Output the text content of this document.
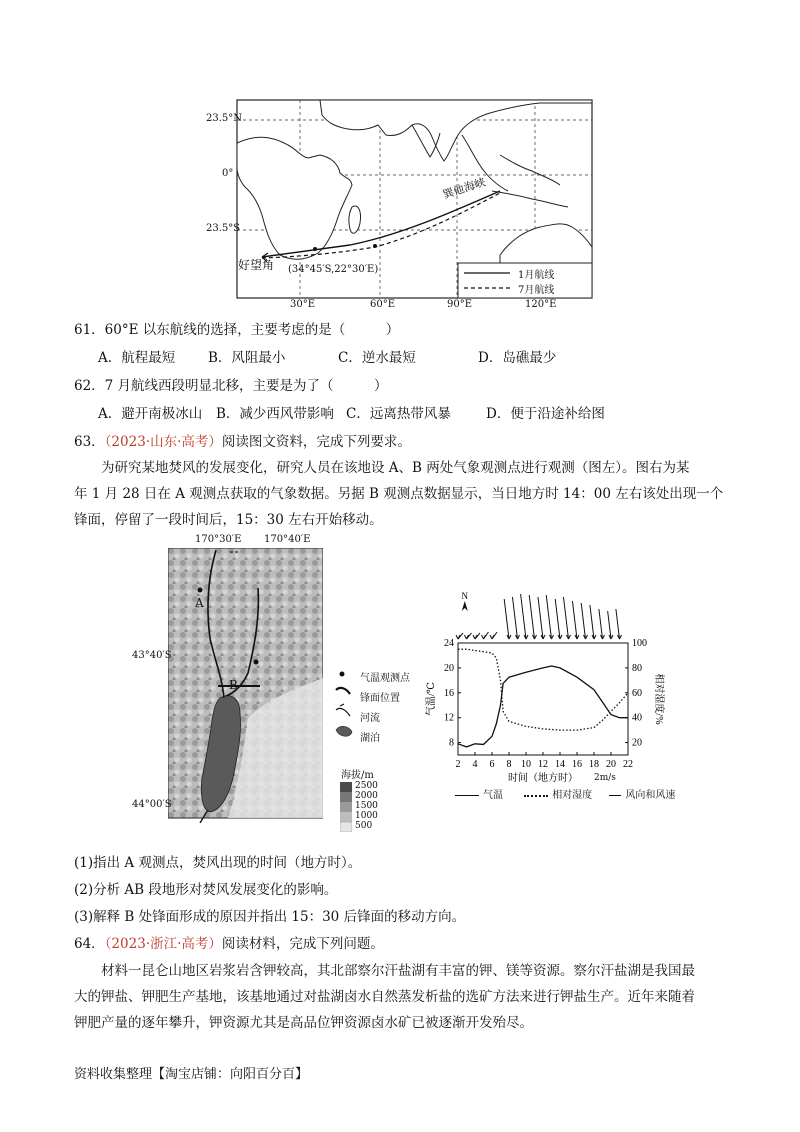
23.5°N
0°
23.5°S
30°E	60°E	90°E	120°E
巽他海峡
好望角 (34°45′S,22°30′E)
1月航线
7月航线
61．60°E 以东航线的选择，主要考虑的是（　　　）
A．航程最短 B．风阻最小	C．逆水最短	D．岛礁最少
62．7 月航线西段明显北移，主要是为了（　　　）
A．避开南极冰山 B．减少西风带影响 C．远离热带风暴	D．便于沿途补给图
63．（2023·山东·高考）阅读图文资料，完成下列要求。
为研究某地焚风的发展变化，研究人员在该地设 A、B 两处气象观测点进行观测（图左）。图右为某
年 1 月 28 日在 A 观测点获取的气象数据。另据 B 观测点数据显示，当日地方时 14：00 左右该处出现一个
锋面，停留了一段时间后，15：30 左右开始移动。
170°30′E 170°40′E
43°40′S
44°00′S
A
B	气温观测点
锋面位置
河流
湖泊
海拔/m
2500
2000
1500
1000
500
2 4 6 8 10 12 14 16 18 20 22
8
12
16
20
24
20
40
60
80
100
时间（地方时）
气温/℃	相对湿度/%
N
气温	相对湿度	风向和风速
2m/s
(1)指出 A 观测点，焚风出现的时间（地方时）。
(2)分析 AB 段地形对焚风发展变化的影响。
(3)解释 B 处锋面形成的原因并指出 15：30 后锋面的移动方向。
64．（2023·浙江·高考）阅读材料，完成下列问题。
材料一昆仑山地区岩浆岩含钾较高，其北部察尔汗盐湖有丰富的钾、镁等资源。察尔汗盐湖是我国最
大的钾盐、钾肥生产基地，该基地通过对盐湖卤水自然蒸发析盐的选矿方法来进行钾盐生产。近年来随着
钾肥产量的逐年攀升，钾资源尤其是高品位钾资源卤水矿已被逐渐开发殆尽。
资料收集整理【淘宝店铺：向阳百分百】
